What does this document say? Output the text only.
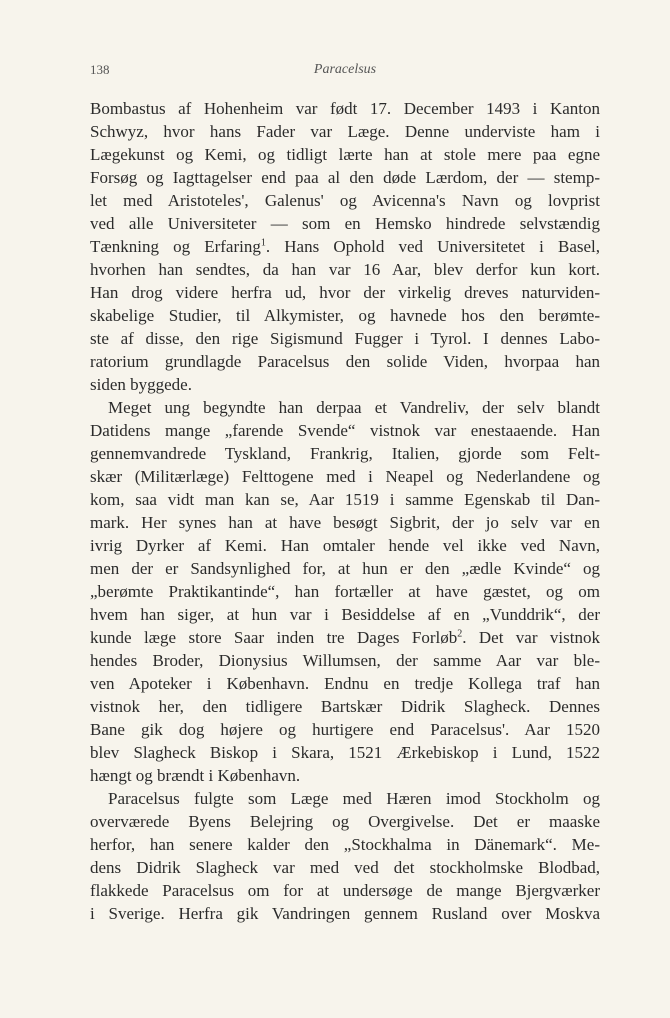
138	Paracelsus
Bombastus af Hohenheim var født 17. December 1493 i Kanton
Schwyz, hvor hans Fader var Læge. Denne underviste ham i
Lægekunst og Kemi, og tidligt lærte han at stole mere paa egne
Forsøg og Iagttagelser end paa al den døde Lærdom, der — stemp-
let med Aristoteles', Galenus' og Avicenna's Navn og lovprist
ved alle Universiteter — som en Hemsko hindrede selvstændig
Tænkning og Erfaring$^1$. Hans Ophold ved Universitetet i Basel,
hvorhen han sendtes, da han var 16 Aar, blev derfor kun kort.
Han drog videre herfra ud, hvor der virkelig dreves naturviden-
skabelige Studier, til Alkymister, og havnede hos den berømte-
ste af disse, den rige Sigismund Fugger i Tyrol. I dennes Labo-
ratorium grundlagde Paracelsus den solide Viden, hvorpaa han
siden byggede.
Meget ung begyndte han derpaa et Vandreliv, der selv blandt
Datidens mange „farende Svende“ vistnok var enestaaende. Han
gennemvandrede Tyskland, Frankrig, Italien, gjorde som Felt-
skær (Militærlæge) Felttogene med i Neapel og Nederlandene og
kom, saa vidt man kan se, Aar 1519 i samme Egenskab til Dan-
mark. Her synes han at have besøgt Sigbrit, der jo selv var en
ivrig Dyrker af Kemi. Han omtaler hende vel ikke ved Navn,
men der er Sandsynlighed for, at hun er den „ædle Kvinde“ og
„berømte Praktikantinde“, han fortæller at have gæstet, og om
hvem han siger, at hun var i Besiddelse af en „Vunddrik“, der
kunde læge store Saar inden tre Dages Forløb$^2$. Det var vistnok
hendes Broder, Dionysius Willumsen, der samme Aar var ble-
ven Apoteker i København. Endnu en tredje Kollega traf han
vistnok her, den tidligere Bartskær Didrik Slagheck. Dennes
Bane gik dog højere og hurtigere end Paracelsus'. Aar 1520
blev Slagheck Biskop i Skara, 1521 Ærkebiskop i Lund, 1522
hængt og brændt i København.
Paracelsus fulgte som Læge med Hæren imod Stockholm og
overværede Byens Belejring og Overgivelse. Det er maaske
herfor, han senere kalder den „Stockhalma in Dänemark“. Me-
dens Didrik Slagheck var med ved det stockholmske Blodbad,
flakkede Paracelsus om for at undersøge de mange Bjergværker
i Sverige. Herfra gik Vandringen gennem Rusland over Moskva
